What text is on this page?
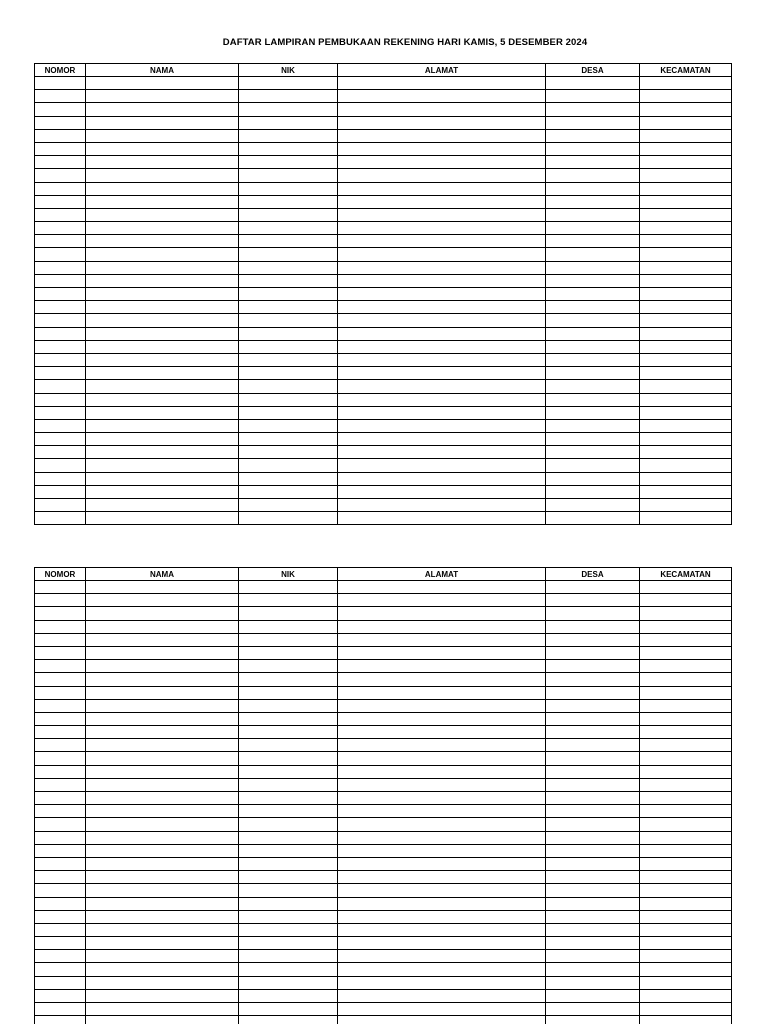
DAFTAR LAMPIRAN PEMBUKAAN REKENING HARI KAMIS, 5 DESEMBER 2024
NOMOR	NAMA	NIK	ALAMAT	DESA	KECAMATAN

NOMOR	NAMA	NIK	ALAMAT	DESA	KECAMATAN
